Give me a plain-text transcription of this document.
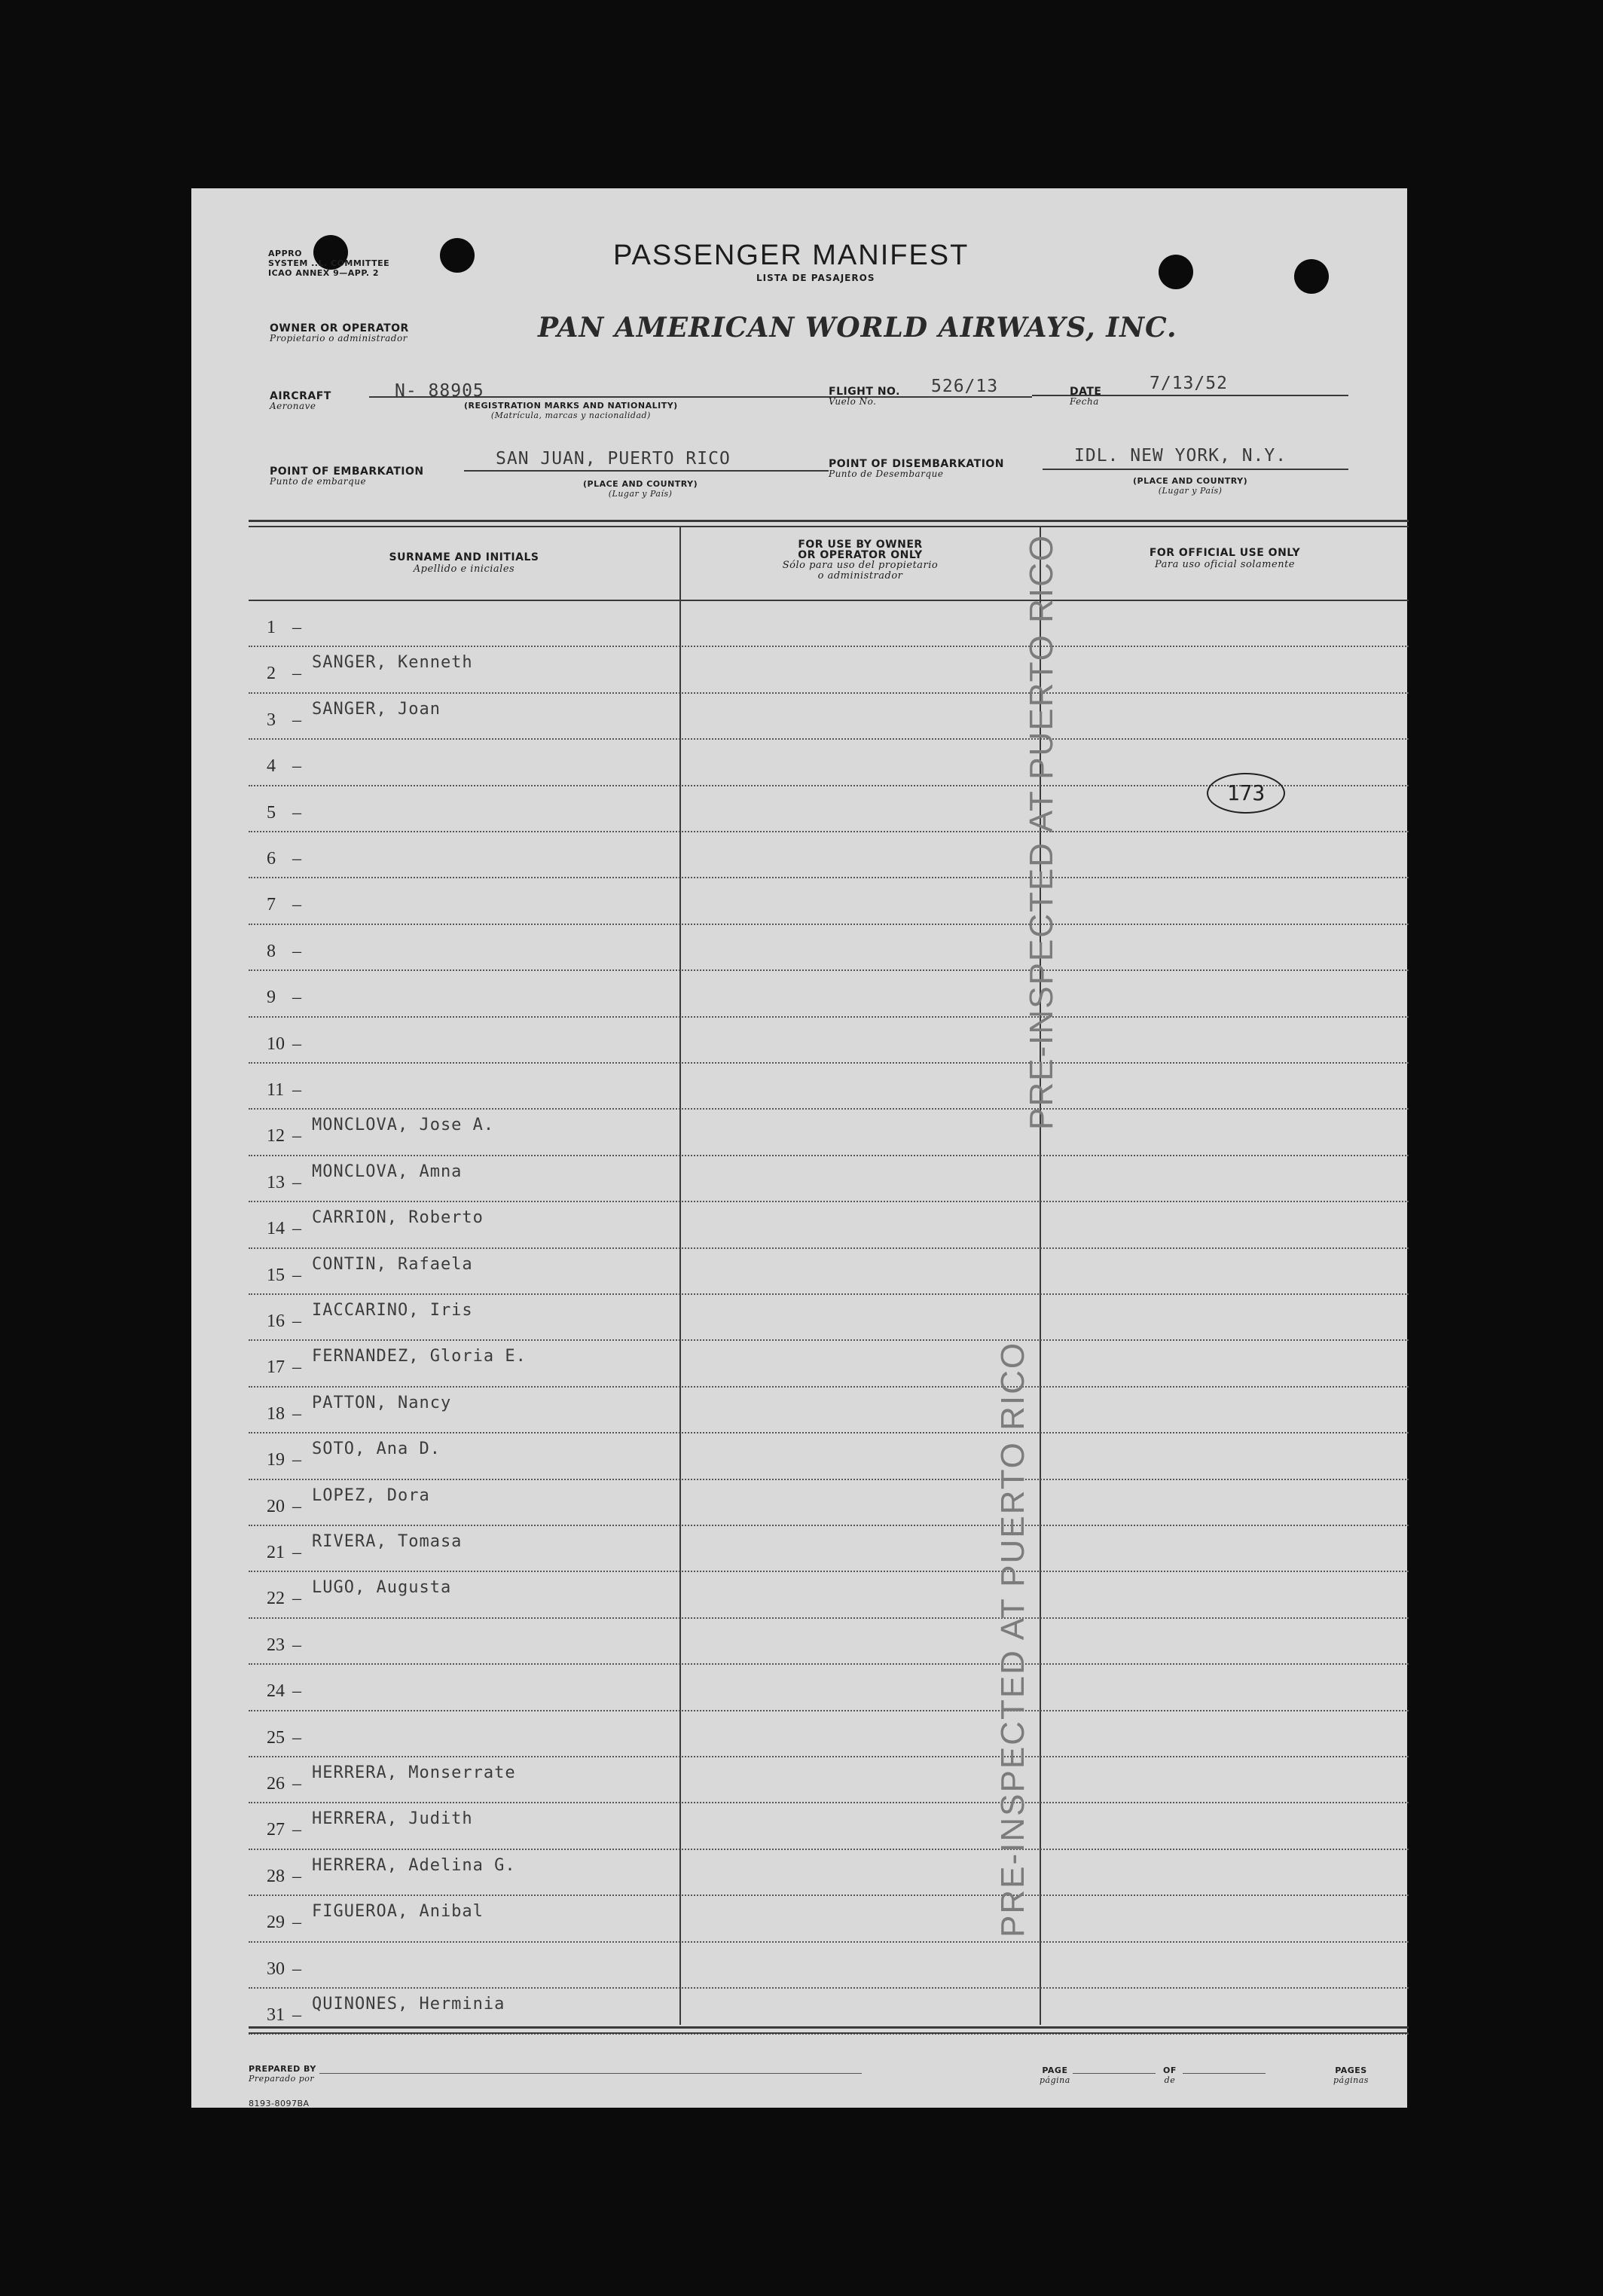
APPRO
SYSTEM ..L. COMMITTEE
ICAO ANNEX 9—APP. 2
PASSENGER MANIFEST
LISTA DE PASAJEROS
OWNER OR OPERATOR
Propietario o administrador	PAN AMERICAN WORLD AIRWAYS, INC.
AIRCRAFT
Aeronave
N- 88905
(REGISTRATION MARKS AND NATIONALITY)
(Matrícula, marcas y nacionalidad)
FLIGHT NO.
Vuelo No.
526/13	DATE
Fecha
7/13/52
POINT OF EMBARKATION
Punto de embarque
SAN JUAN, PUERTO RICO
(PLACE AND COUNTRY)
(Lugar y País)
POINT OF DISEMBARKATION
Punto de Desembarque
IDL. NEW YORK, N.Y.
(PLACE AND COUNTRY)
(Lugar y País)
SURNAME AND INITIALS
Apellido e iniciales
FOR USE BY OWNER
OR OPERATOR ONLY
Sólo para uso del propietario
o administrador
FOR OFFICIAL USE ONLY
Para uso oficial solamente
1 –
2 –
SANGER, Kenneth
3 –
SANGER, Joan
4 –
5 –
6 –
7 –
8 –
9 –
10 –
11 –
12 –
MONCLOVA, Jose A.
13 –
MONCLOVA, Amna
14 –
CARRION, Roberto
15 –
CONTIN, Rafaela
16 –
IACCARINO, Iris
17 –
FERNANDEZ, Gloria E.
18 –
PATTON, Nancy
19 –
SOTO, Ana D.
20 –
LOPEZ, Dora
21 –
RIVERA, Tomasa
22 –
LUGO, Augusta
23 –
24 –
25 –
26 –
HERRERA, Monserrate
27 –
HERRERA, Judith
28 –
HERRERA, Adelina G.
29 –
FIGUEROA, Anibal
30 –
31 –
QUINONES, Herminia
PRE-INSPECTED AT PUERTO RICO
PRE-INSPECTED AT PUERTO RICO
173
PREPARED BY
Preparado por
PAGE
página
OF
de
PAGES
páginas
8193-8097BA
